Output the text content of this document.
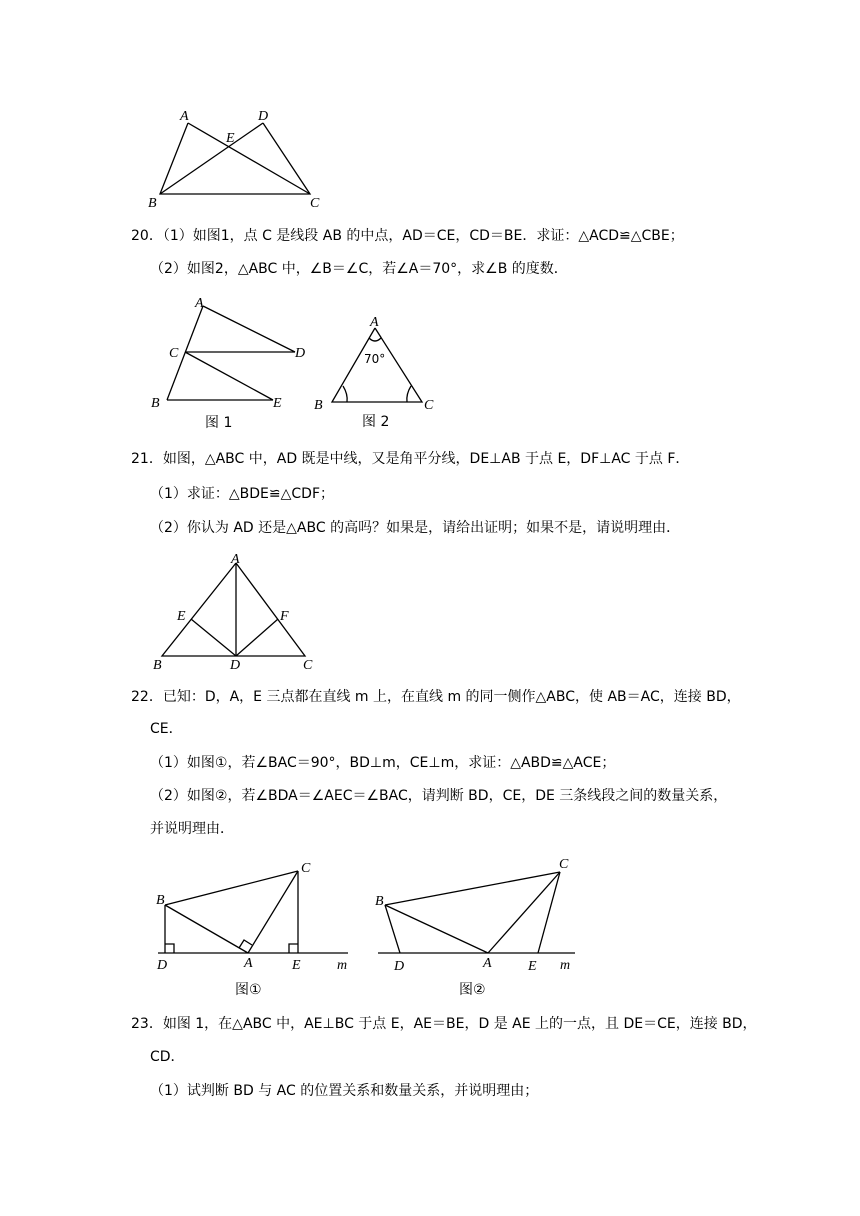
A	D
E
B	C
20．（1）如图1，点 C 是线段 AB 的中点，AD＝CE，CD＝BE．求证：△ACD≌△CBE；
（2）如图2，△ABC 中，∠B＝∠C，若∠A＝70°，求∠B 的度数．
A
C	D
B	E
图 1
A
70°
B	C
图 2
21．如图，△ABC 中，AD 既是中线，又是角平分线，DE⊥AB 于点 E，DF⊥AC 于点 F．
（1）求证：△BDE≌△CDF；
（2）你认为 AD 还是△ABC 的高吗？如果是，请给出证明；如果不是，请说明理由．
A
E	F
B	D	C
22．已知：D，A，E 三点都在直线 m 上，在直线 m 的同一侧作△ABC，使 AB＝AC，连接 BD，
CE．
（1）如图①，若∠BAC＝90°，BD⊥m，CE⊥m，求证：△ABD≌△ACE；
（2）如图②，若∠BDA＝∠AEC＝∠BAC，请判断 BD，CE，DE 三条线段之间的数量关系，
并说明理由．
B
C
D	A	E	m
图①
B
C
D	A	E m
图②
23．如图 1，在△ABC 中，AE⊥BC 于点 E，AE＝BE，D 是 AE 上的一点，且 DE＝CE，连接 BD，
CD．
（1）试判断 BD 与 AC 的位置关系和数量关系，并说明理由；
